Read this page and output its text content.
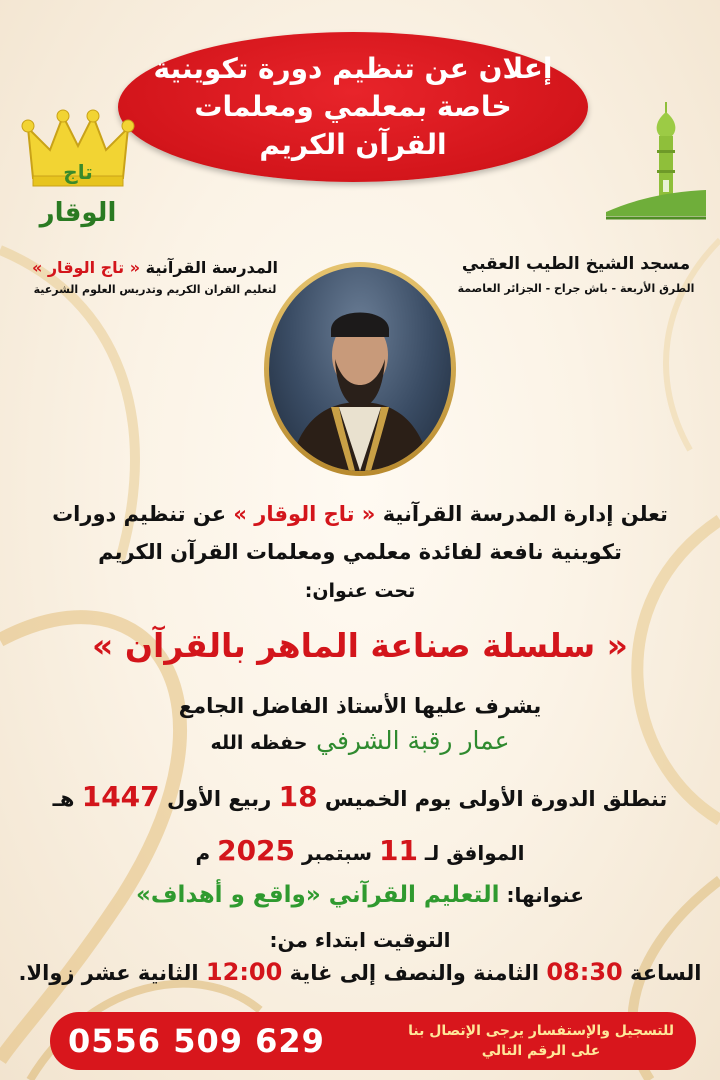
إعلان عن تنظيم دورة تكوينية
خاصة بمعلمي ومعلمات
القرآن الكريم
تاج
الوقار
المدرسة القرآنية « تاج الوقار »
لتعليم القران الكريم وتدريس العلوم الشرعية
مسجد الشيخ الطيب العقبي
الطرق الأربعة - باش جراح - الجزائر العاصمة
تعلن إدارة المدرسة القرآنية « تاج الوقار » عن تنظيم دورات
تكوينية نافعة لفائدة معلمي ومعلمات القرآن الكريم
تحت عنوان:
« سلسلة صناعة الماهر بالقرآن »
يشرف عليها الأستاذ الفاضل الجامع
عمار رقبة الشرفي حفظه الله
تنطلق الدورة الأولى يوم الخميس 18 ربيع الأول 1447 هـ
الموافق لـ 11 سبتمبر 2025 م
عنوانها: التعليم القرآني «واقع و أهداف»
التوقيت ابتداء من:
الساعة 08:30 الثامنة والنصف إلى غاية 12:00 الثانية عشر زوالا.
للتسجيل والإستفسار يرجى الإتصال بنا
على الرقم التالي
0556 509 629
